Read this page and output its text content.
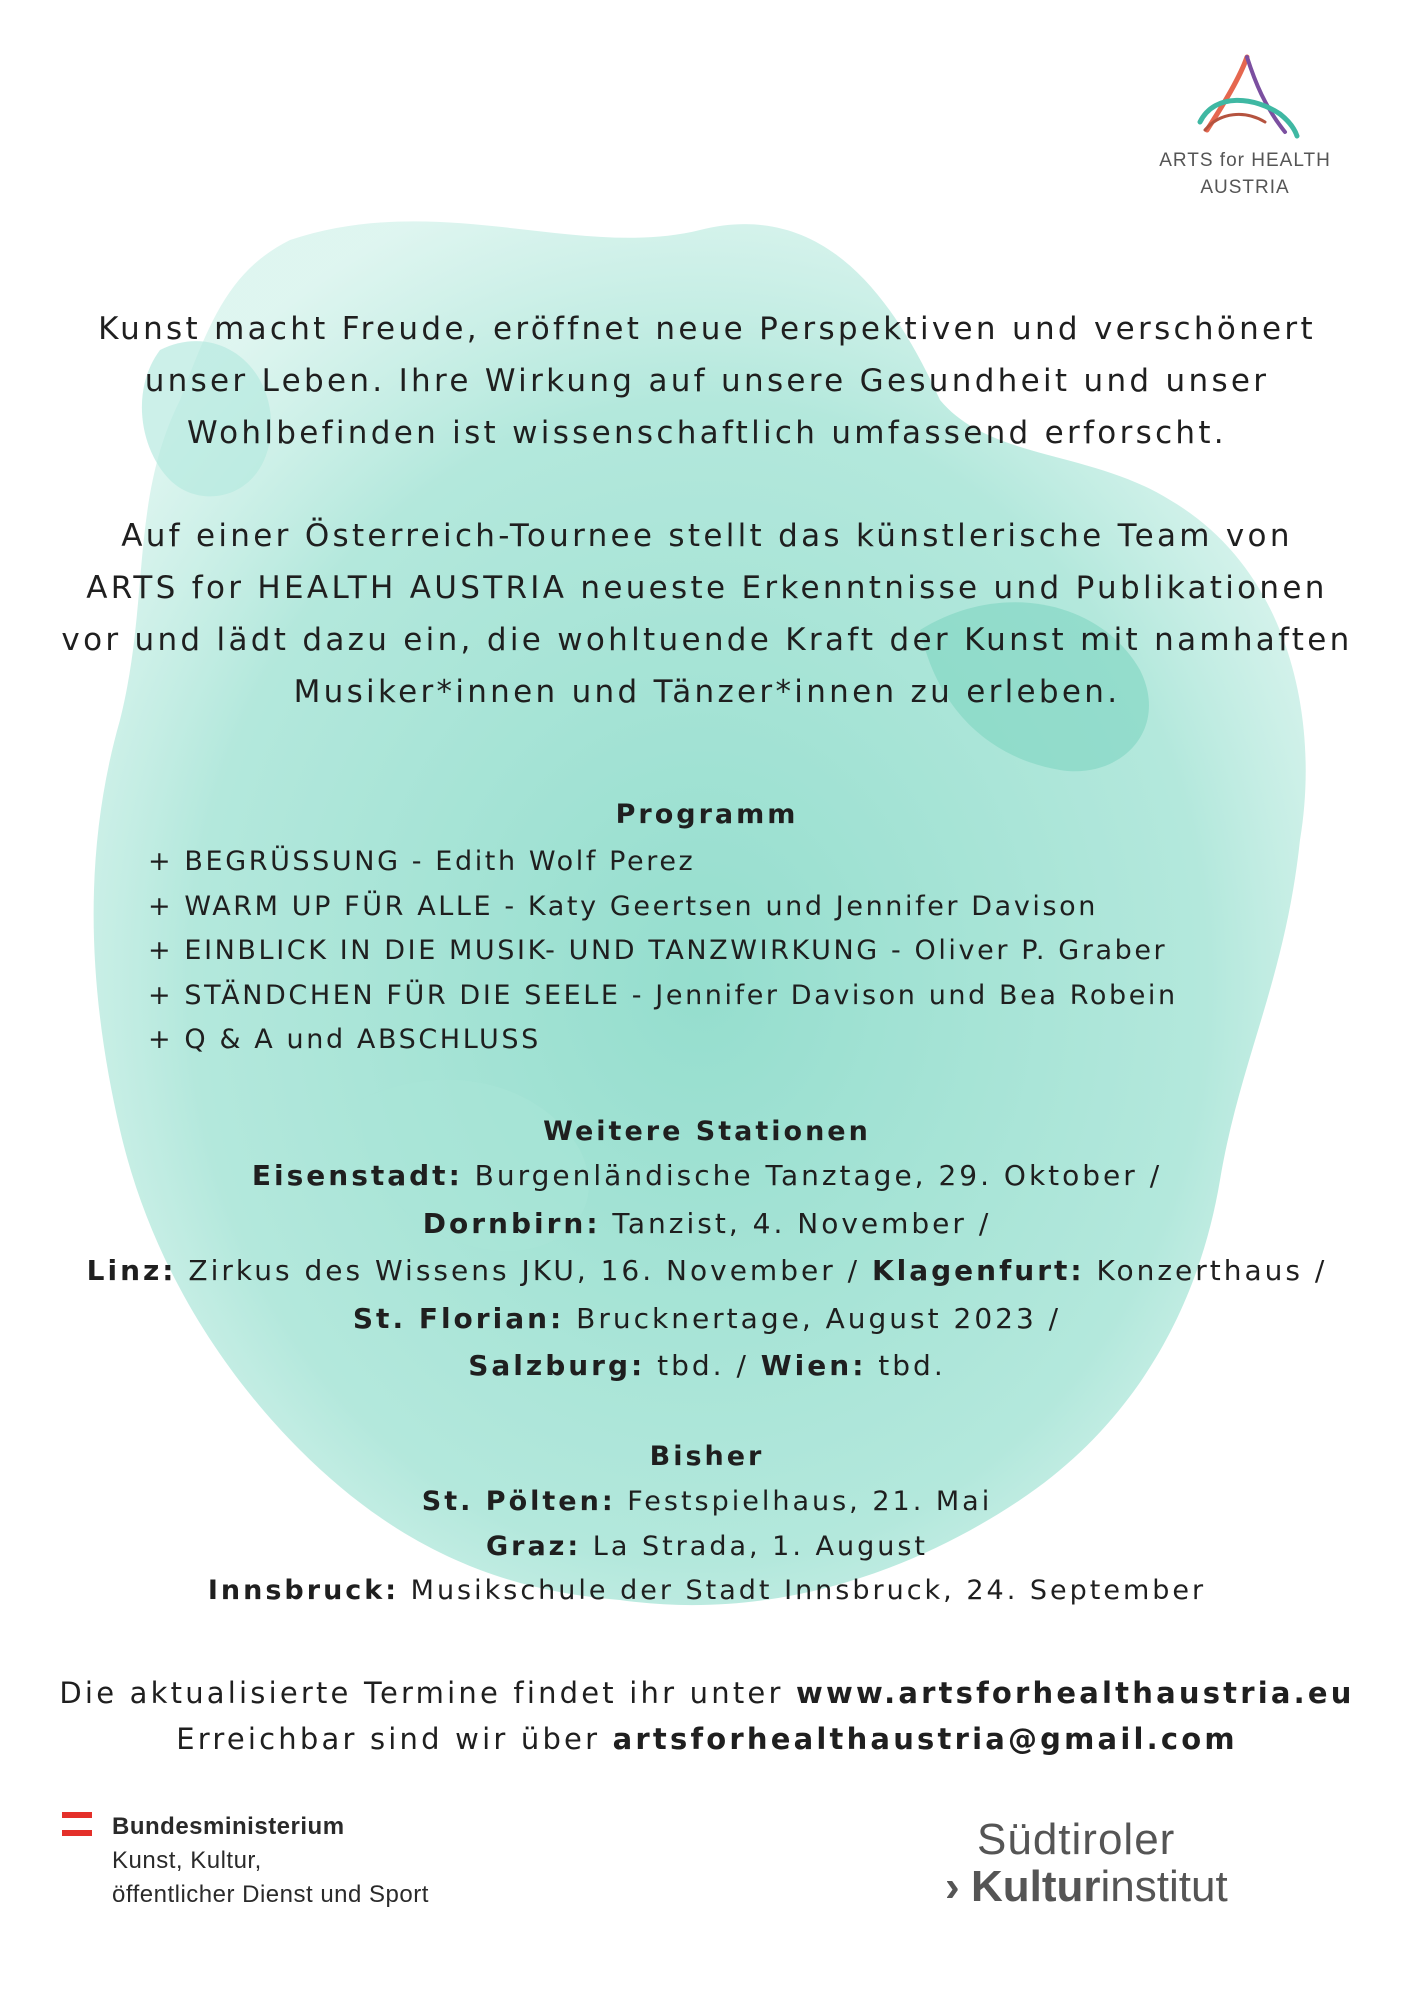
ARTS for HEALTH
AUSTRIA
Kunst macht Freude, eröffnet neue Perspektiven und verschönert
unser Leben. Ihre Wirkung auf unsere Gesundheit und unser
Wohlbefinden ist wissenschaftlich umfassend erforscht.
Auf einer Österreich-Tournee stellt das künstlerische Team von
ARTS for HEALTH AUSTRIA neueste Erkenntnisse und Publikationen
vor und lädt dazu ein, die wohltuende Kraft der Kunst mit namhaften
Musiker*innen und Tänzer*innen zu erleben.
Programm
+ BEGRÜSSUNG - Edith Wolf Perez
+ WARM UP FÜR ALLE - Katy Geertsen und Jennifer Davison
+ EINBLICK IN DIE MUSIK- UND TANZWIRKUNG - Oliver P. Graber
+ STÄNDCHEN FÜR DIE SEELE - Jennifer Davison und Bea Robein
+ Q & A und ABSCHLUSS
Weitere Stationen
Eisenstadt: Burgenländische Tanztage, 29. Oktober /
Dornbirn: Tanzist, 4. November /
Linz: Zirkus des Wissens JKU, 16. November / Klagenfurt: Konzerthaus /
St. Florian: Brucknertage, August 2023 /
Salzburg: tbd. / Wien: tbd.
Bisher
St. Pölten: Festspielhaus, 21. Mai
Graz: La Strada, 1. August
Innsbruck: Musikschule der Stadt Innsbruck, 24. September
Die aktualisierte Termine findet ihr unter www.artsforhealthaustria.eu
Erreichbar sind wir über artsforhealthaustria@gmail.com
Bundesministerium
Kunst, Kultur,
öffentlicher Dienst und Sport
Südtiroler
› Kulturinstitut
